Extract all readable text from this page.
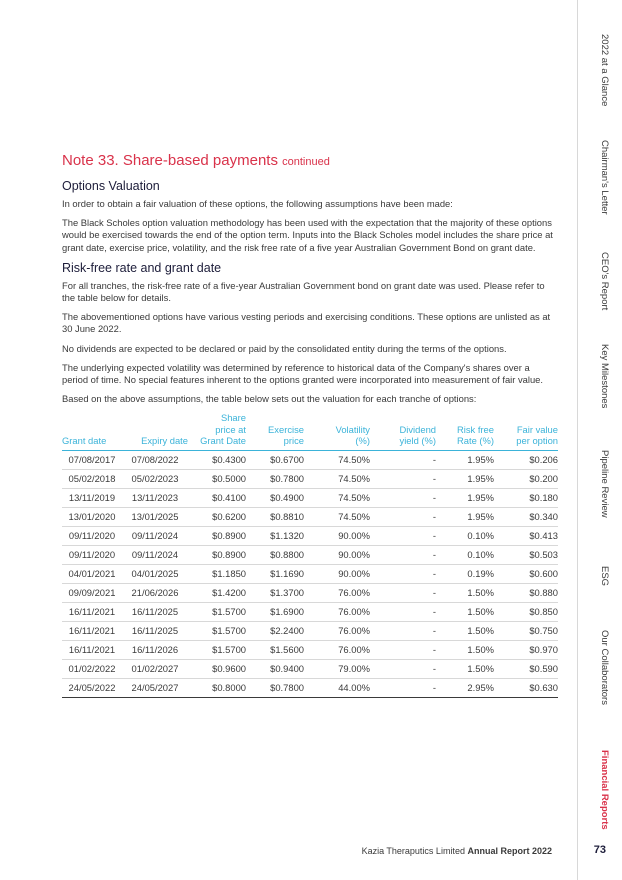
2022 at a Glance
Chairman's Letter
CEO's Report
Key Milestones
Pipeline Review
ESG
Our Collaborators
Financial Reports
Note 33. Share-based payments continued
Options Valuation

In order to obtain a fair valuation of these options, the following assumptions have been made:

The Black Scholes option valuation methodology has been used with the expectation that the majority of these options would be exercised towards the end of the option term. Inputs into the Black Scholes model includes the share price at grant date, exercise price, volatility, and the risk free rate of a five year Australian Government Bond on grant date.

Risk-free rate and grant date

For all tranches, the risk-free rate of a five-year Australian Government bond on grant date was used. Please refer to the table below for details.

The abovementioned options have various vesting periods and exercising conditions. These options are unlisted as at 30 June 2022.

No dividends are expected to be declared or paid by the consolidated entity during the terms of the options.

The underlying expected volatility was determined by reference to historical data of the Company's shares over a period of time. No special features inherent to the options granted were incorporated into measurement of fair value.

Based on the above assumptions, the table below sets out the valuation for each tranche of options:

Grant date	Expiry date	Share
price at
Grant Date	Exercise
price	Volatility
(%)	Dividend
yield (%)	Risk free
Rate (%)	Fair value
per option
07/08/2017	07/08/2022	$0.4300	$0.6700	74.50%	-	1.95%	$0.206
05/02/2018	05/02/2023	$0.5000	$0.7800	74.50%	-	1.95%	$0.200
13/11/2019	13/11/2023	$0.4100	$0.4900	74.50%	-	1.95%	$0.180
13/01/2020	13/01/2025	$0.6200	$0.8810	74.50%	-	1.95%	$0.340
09/11/2020	09/11/2024	$0.8900	$1.1320	90.00%	-	0.10%	$0.413
09/11/2020	09/11/2024	$0.8900	$0.8800	90.00%	-	0.10%	$0.503
04/01/2021	04/01/2025	$1.1850	$1.1690	90.00%	-	0.19%	$0.600
09/09/2021	21/06/2026	$1.4200	$1.3700	76.00%	-	1.50%	$0.880
16/11/2021	16/11/2025	$1.5700	$1.6900	76.00%	-	1.50%	$0.850
16/11/2021	16/11/2025	$1.5700	$2.2400	76.00%	-	1.50%	$0.750
16/11/2021	16/11/2026	$1.5700	$1.5600	76.00%	-	1.50%	$0.970
01/02/2022	01/02/2027	$0.9600	$0.9400	79.00%	-	1.50%	$0.590
24/05/2022	24/05/2027	$0.8000	$0.7800	44.00%	-	2.95%	$0.630
Kazia Theraputics Limited Annual Report 2022	73
